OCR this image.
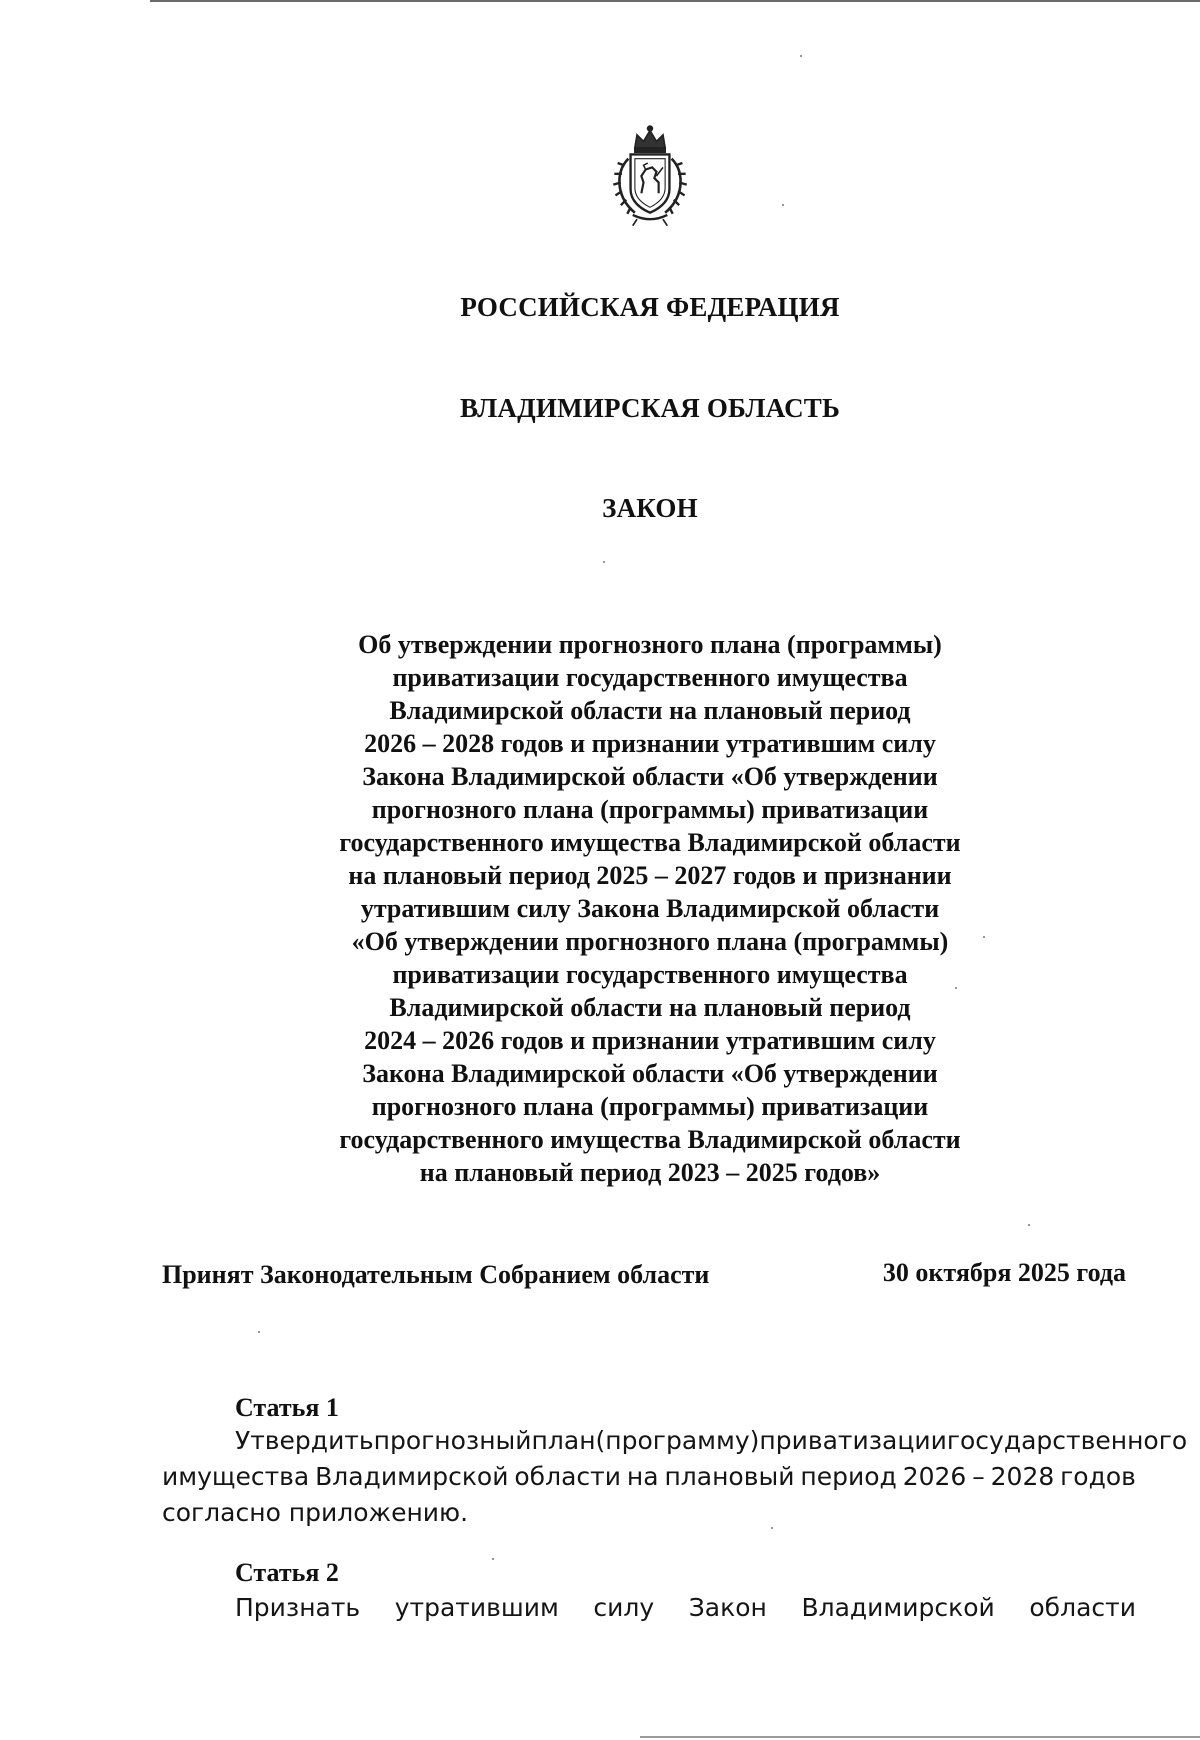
РОССИЙСКАЯ ФЕДЕРАЦИЯ
ВЛАДИМИРСКАЯ ОБЛАСТЬ
ЗАКОН
Об утверждении прогнозного плана (программы)
приватизации государственного имущества
Владимирской области на плановый период
2026 – 2028 годов и признании утратившим силу
Закона Владимирской области «Об утверждении
прогнозного плана (программы) приватизации
государственного имущества Владимирской области
на плановый период 2025 – 2027 годов и признании
утратившим силу Закона Владимирской области
«Об утверждении прогнозного плана (программы)
приватизации государственного имущества
Владимирской области на плановый период
2024 – 2026 годов и признании утратившим силу
Закона Владимирской области «Об утверждении
прогнозного плана (программы) приватизации
государственного имущества Владимирской области
на плановый период 2023 – 2025 годов»
Принят Законодательным Собранием области	30 октября 2025 года
Статья 1
Утвердить прогнозный план (программу) приватизации государственного
имущества Владимирской области на плановый период 2026 – 2028 годов
согласно приложению.
Статья 2
Признать утратившим силу Закон Владимирской области
